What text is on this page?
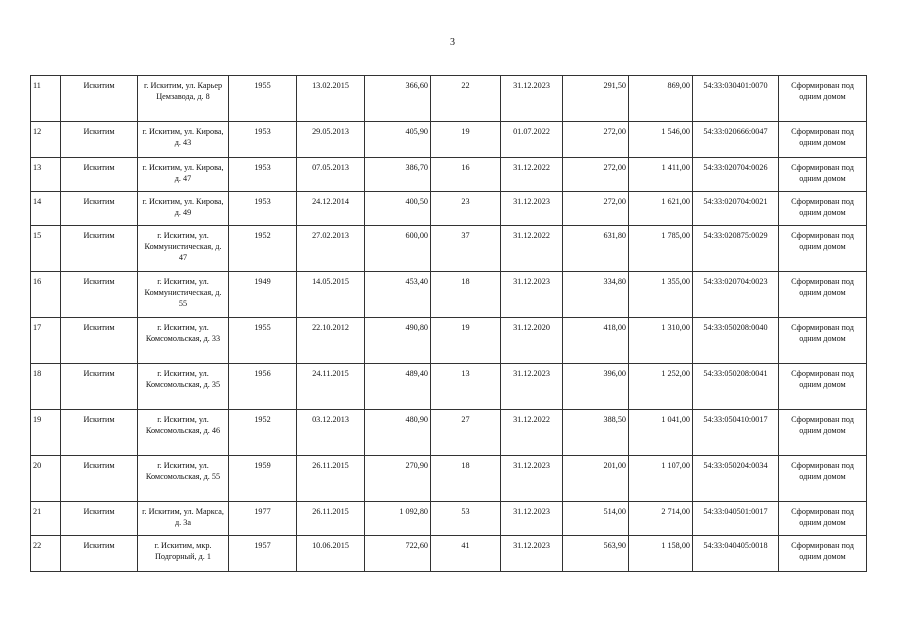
3
11	Искитим	г. Искитим, ул. Карьер Цемзавода, д. 8	1955	13.02.2015	366,60	22	31.12.2023	291,50	869,00	54:33:030401:0070	Сформирован под одним домом
12	Искитим	г. Искитим, ул. Кирова, д. 43	1953	29.05.2013	405,90	19	01.07.2022	272,00	1 546,00	54:33:020666:0047	Сформирован под одним домом
13	Искитим	г. Искитим, ул. Кирова, д. 47	1953	07.05.2013	386,70	16	31.12.2022	272,00	1 411,00	54:33:020704:0026	Сформирован под одним домом
14	Искитим	г. Искитим, ул. Кирова, д. 49	1953	24.12.2014	400,50	23	31.12.2023	272,00	1 621,00	54:33:020704:0021	Сформирован под одним домом
15	Искитим	г. Искитим, ул. Коммунистическая, д. 47	1952	27.02.2013	600,00	37	31.12.2022	631,80	1 785,00	54:33:020875:0029	Сформирован под одним домом
16	Искитим	г. Искитим, ул. Коммунистическая, д. 55	1949	14.05.2015	453,40	18	31.12.2023	334,80	1 355,00	54:33:020704:0023	Сформирован под одним домом
17	Искитим	г. Искитим, ул. Комсомольская, д. 33	1955	22.10.2012	490,80	19	31.12.2020	418,00	1 310,00	54:33:050208:0040	Сформирован под одним домом
18	Искитим	г. Искитим, ул. Комсомольская, д. 35	1956	24.11.2015	489,40	13	31.12.2023	396,00	1 252,00	54:33:050208:0041	Сформирован под одним домом
19	Искитим	г. Искитим, ул. Комсомольская, д. 46	1952	03.12.2013	480,90	27	31.12.2022	388,50	1 041,00	54:33:050410:0017	Сформирован под одним домом
20	Искитим	г. Искитим, ул. Комсомольская, д. 55	1959	26.11.2015	270,90	18	31.12.2023	201,00	1 107,00	54:33:050204:0034	Сформирован под одним домом
21	Искитим	г. Искитим, ул. Маркса, д. 3а	1977	26.11.2015	1 092,80	53	31.12.2023	514,00	2 714,00	54:33:040501:0017	Сформирован под одним домом
22	Искитим	г. Искитим, мкр. Подгорный, д. 1	1957	10.06.2015	722,60	41	31.12.2023	563,90	1 158,00	54:33:040405:0018	Сформирован под одним домом
